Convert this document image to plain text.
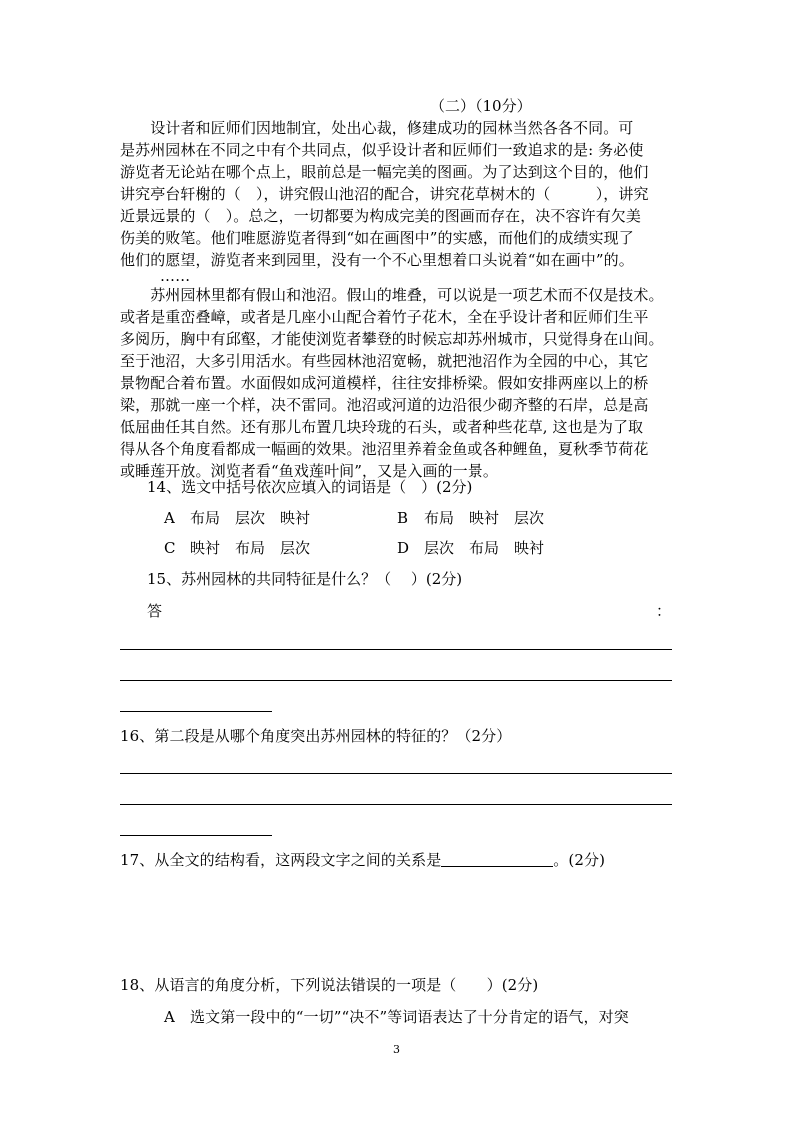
（二）（10分）
　　设计者和匠师们因地制宜，处出心裁，修建成功的园林当然各各不同。可
是苏州园林在不同之中有个共同点，似乎设计者和匠师们一致追求的是: 务必使
游览者无论站在哪个点上，眼前总是一幅完美的图画。为了达到这个目的，他们
讲究亭台轩榭的（　），讲究假山池沼的配合，讲究花草树木的（　　　），讲究
近景远景的（　）。总之，一切都要为构成完美的图画而存在，决不容许有欠美
伤美的败笔。他们唯愿游览者得到“如在画图中”的实感，而他们的成绩实现了
他们的愿望，游览者来到园里，没有一个不心里想着口头说着“如在画中”的。
……
　　苏州园林里都有假山和池沼。假山的堆叠，可以说是一项艺术而不仅是技术。
或者是重峦叠嶂，或者是几座小山配合着竹子花木，全在乎设计者和匠师们生平
多阅历，胸中有邱壑，才能使浏览者攀登的时候忘却苏州城市，只觉得身在山间。
至于池沼，大多引用活水。有些园林池沼宽畅，就把池沼作为全园的中心，其它
景物配合着布置。水面假如成河道模样，往往安排桥梁。假如安排两座以上的桥
梁，那就一座一个样，决不雷同。池沼或河道的边沿很少砌齐整的石岸，总是高
低屈曲任其自然。还有那儿布置几块玲珑的石头，或者种些花草, 这也是为了取
得从各个角度看都成一幅画的效果。池沼里养着金鱼或各种鲤鱼，夏秋季节荷花
或睡莲开放。浏览者看“鱼戏莲叶间”，又是入画的一景。
14、选文中括号依次应填入的词语是（　）(2分)
A 布局　层次　映衬	B 布局　映衬　层次
C 映衬　布局　层次	D 层次　布局　映衬
15、苏州园林的共同特征是什么？（　 ）(2分)
答	：
16、第二段是从哪个角度突出苏州园林的特征的？（2分）
17、从全文的结构看，这两段文字之间的关系是	。(2分)
18、从语言的角度分析，下列说法错误的一项是（　　）(2分)
A　选文第一段中的“一切”“决不”等词语表达了十分肯定的语气，对突
3
